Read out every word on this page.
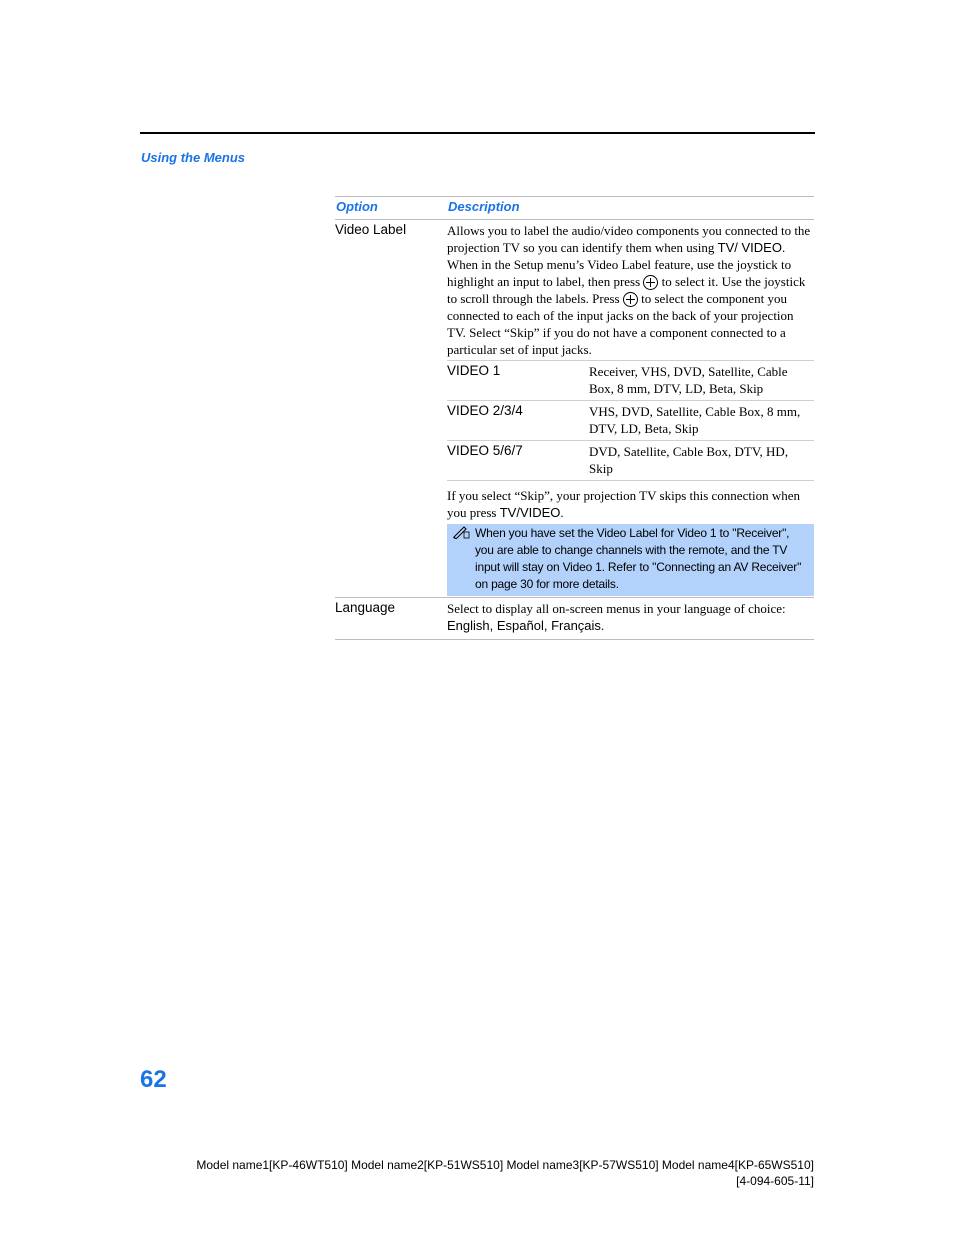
Using the Menus
Option	Description
Video Label	Allows you to label the audio/video components you connected to the projection TV so you can identify them when using TV/ VIDEO. When in the Setup menu’s Video Label feature, use the joystick to highlight an input to label, then press to select it. Use the joystick to scroll through the labels. Press to select the component you connected to each of the input jacks on the back of your projection TV. Select “Skip” if you do not have a component connected to a particular set of input jacks.
VIDEO 1	Receiver, VHS, DVD, Satellite, Cable Box, 8 mm, DTV, LD, Beta, Skip
VIDEO 2/3/4	VHS, DVD, Satellite, Cable Box, 8 mm, DTV, LD, Beta, Skip
VIDEO 5/6/7	DVD, Satellite, Cable Box, DTV, HD, Skip
If you select “Skip”, your projection TV skips this connection when you press TV/VIDEO.
When you have set the Video Label for Video 1 to "Receiver", you are able to change channels with the remote, and the TV input will stay on Video 1. Refer to "Connecting an AV Receiver" on page 30 for more details.
Language	Select to display all on-screen menus in your language of choice: English, Español, Français.
62
Model name1[KP-46WT510] Model name2[KP-51WS510] Model name3[KP-57WS510] Model name4[KP-65WS510]
[4-094-605-11]
